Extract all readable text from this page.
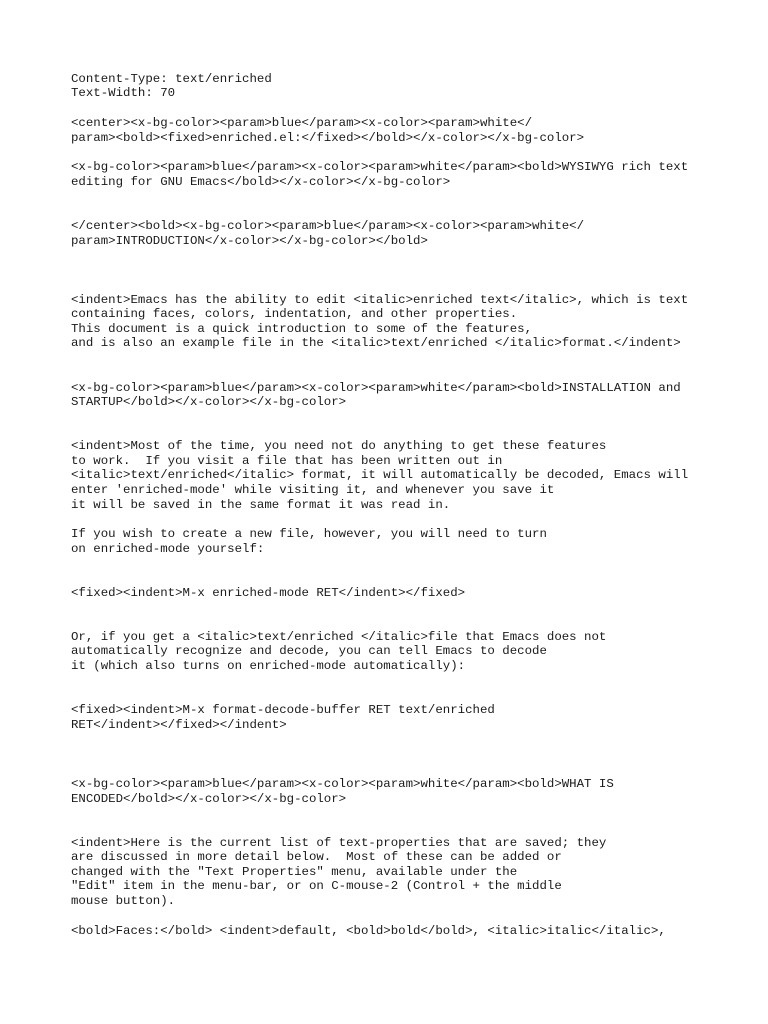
Content-Type: text/enriched

Text-Width: 70

<center><x-bg-color><param>blue</param><x-color><param>white</

param><bold><fixed>enriched.el:</fixed></bold></x-color></x-bg-color>

<x-bg-color><param>blue</param><x-color><param>white</param><bold>WYSIWYG rich text

editing for GNU Emacs</bold></x-color></x-bg-color>

</center><bold><x-bg-color><param>blue</param><x-color><param>white</

param>INTRODUCTION</x-color></x-bg-color></bold>

<indent>Emacs has the ability to edit <italic>enriched text</italic>, which is text

containing faces, colors, indentation, and other properties.

This document is a quick introduction to some of the features,

and is also an example file in the <italic>text/enriched </italic>format.</indent>

<x-bg-color><param>blue</param><x-color><param>white</param><bold>INSTALLATION and

STARTUP</bold></x-color></x-bg-color>

<indent>Most of the time, you need not do anything to get these features

to work.  If you visit a file that has been written out in

<italic>text/enriched</italic> format, it will automatically be decoded, Emacs will

enter 'enriched-mode' while visiting it, and whenever you save it

it will be saved in the same format it was read in.

If you wish to create a new file, however, you will need to turn

on enriched-mode yourself:

<fixed><indent>M-x enriched-mode RET</indent></fixed>

Or, if you get a <italic>text/enriched </italic>file that Emacs does not

automatically recognize and decode, you can tell Emacs to decode

it (which also turns on enriched-mode automatically):

<fixed><indent>M-x format-decode-buffer RET text/enriched

RET</indent></fixed></indent>

<x-bg-color><param>blue</param><x-color><param>white</param><bold>WHAT IS

ENCODED</bold></x-color></x-bg-color>

<indent>Here is the current list of text-properties that are saved; they

are discussed in more detail below.  Most of these can be added or

changed with the "Text Properties" menu, available under the

"Edit" item in the menu-bar, or on C-mouse-2 (Control + the middle

mouse button).

<bold>Faces:</bold> <indent>default, <bold>bold</bold>, <italic>italic</italic>,
